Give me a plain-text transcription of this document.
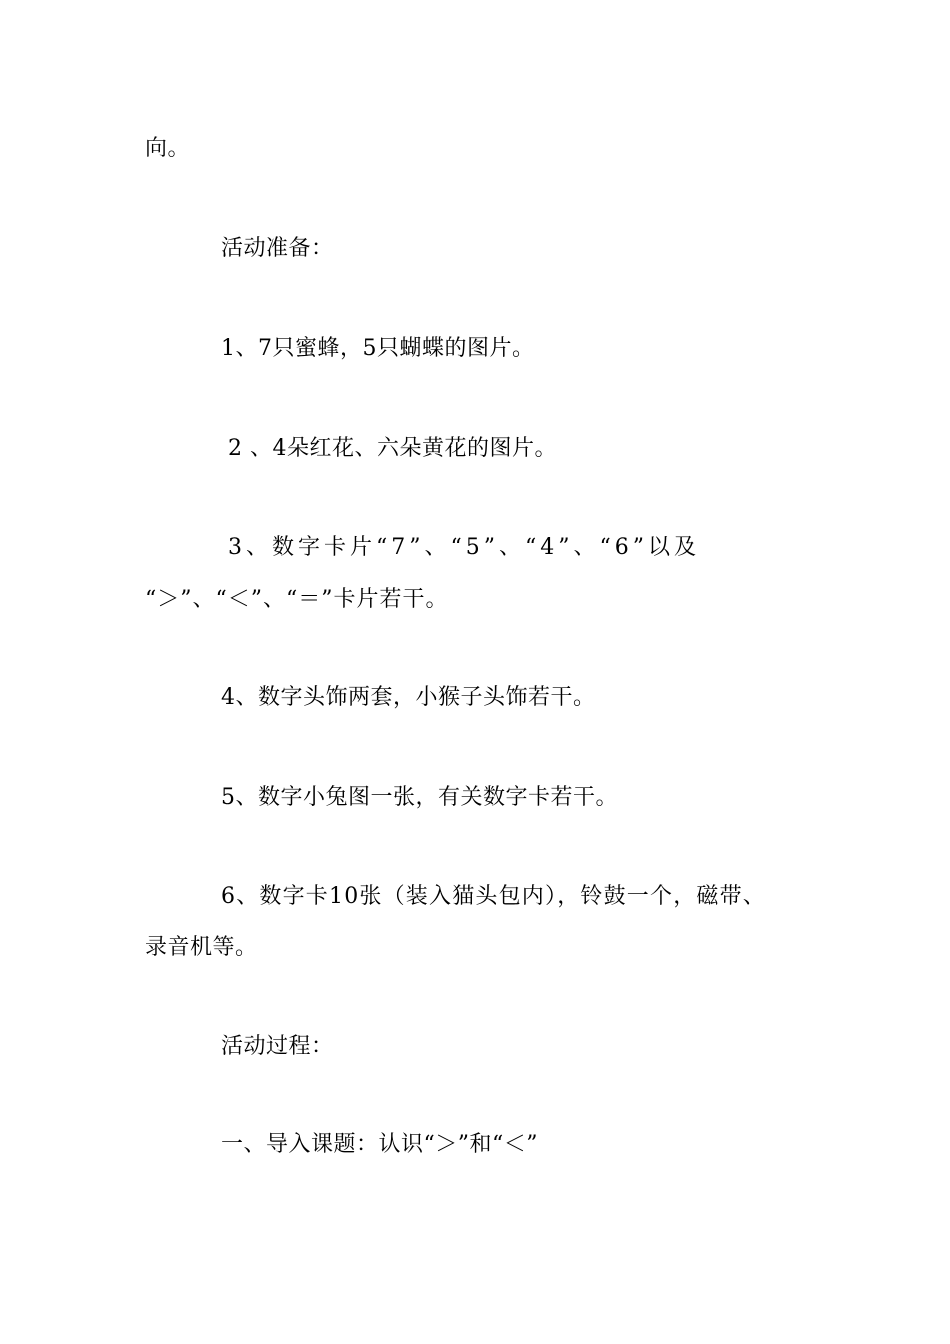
向。

活动准备：

1、7只蜜蜂，5只蝴蝶的图片。

2 、4朵红花、六朵黄花的图片。

3、数字卡片“7”、“5”、“4”、“6”以及

“＞”、“＜”、“＝”卡片若干。

4、数字头饰两套，小猴子头饰若干。

5、数字小兔图一张，有关数字卡若干。

6、数字卡10张（装入猫头包内），铃鼓一个，磁带、

录音机等。

活动过程：

一、导入课题：认识“＞”和“＜”
